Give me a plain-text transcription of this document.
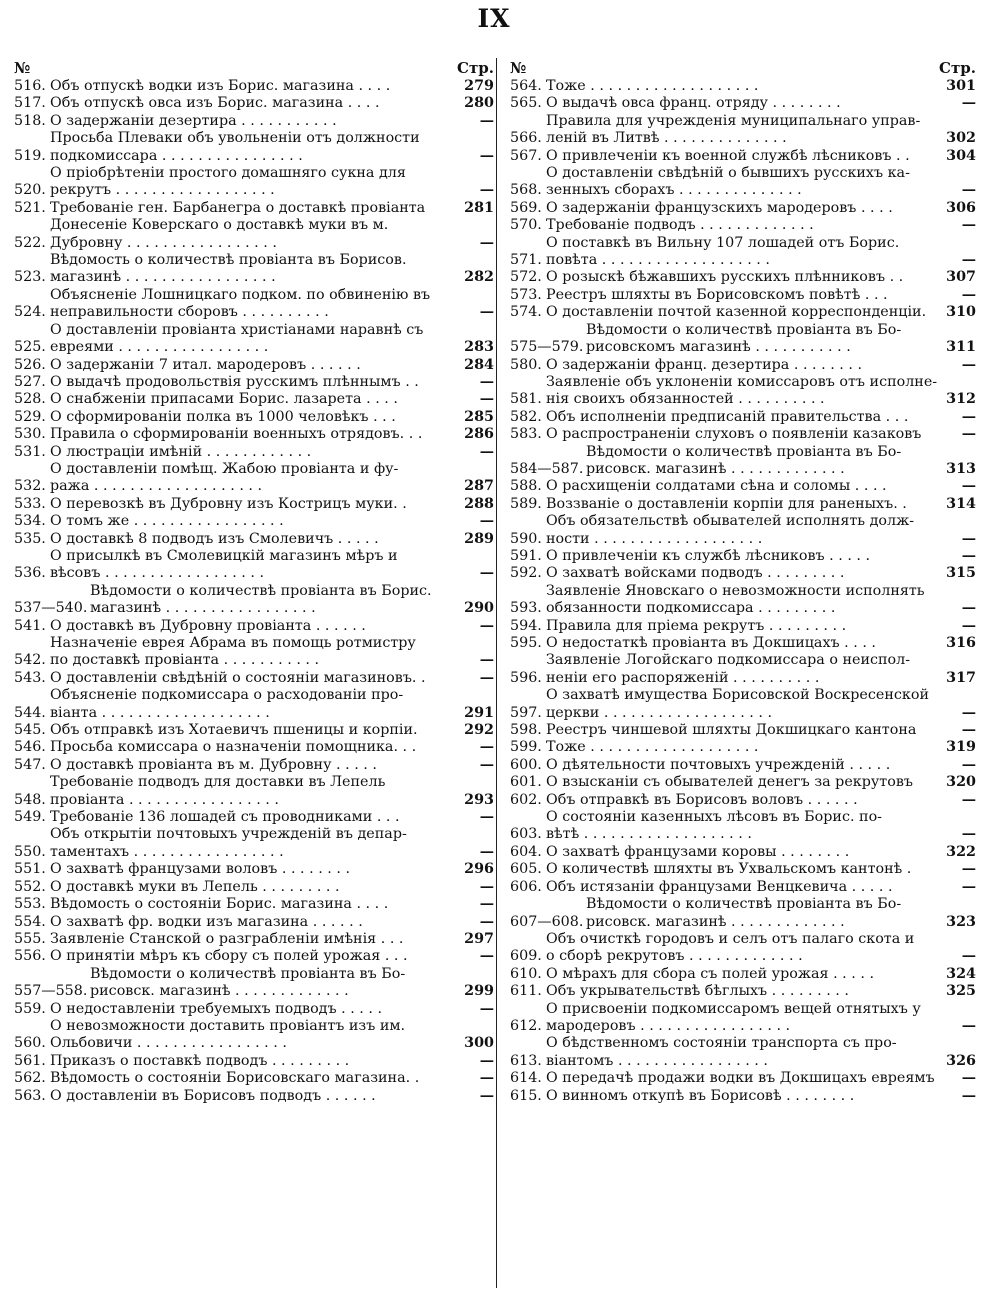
IX
№	Стр.
516. Объ отпускѣ водки изъ Борис. магазина . . . .	279
517. Объ отпускѣ овса изъ Борис. магазина . . . .	280
518. О задержаніи дезертира . . . . . . . . . . .	—
519.
Просьба Плеваки объ увольненіи отъ должности
подкомиссара . . . . . . . . . . . . . . . .	—
520.
О пріобрѣтеніи простого домашняго сукна для
рекрутъ . . . . . . . . . . . . . . . . . .	—
521. Требованіе ген. Барбанегра о доставкѣ провіанта	281
522.
Донесеніе Коверскаго о доставкѣ муки въ м.
Дубровну . . . . . . . . . . . . . . . . .	—
523.
Вѣдомость о количествѣ провіанта въ Борисов.
магазинѣ . . . . . . . . . . . . . . . . .	282
524.
Объясненіе Лошницкаго подком. по обвиненію въ
неправильности сборовъ . . . . . . . . . .	—
525.
О доставленіи провіанта христіанами наравнѣ съ
евреями . . . . . . . . . . . . . . . . .	283
526. О задержаніи 7 итал. мародеровъ . . . . . .	284
527. О выдачѣ продовольствія русскимъ плѣннымъ . .	—
528. О снабженіи припасами Борис. лазарета . . . .	—
529. О сформированіи полка въ 1000 человѣкъ . . .	285
530. Правила о сформированіи военныхъ отрядовъ. . .	286
531. О люстраціи имѣній . . . . . . . . . . . .	—
532.
О доставленіи помѣщ. Жабою провіанта и фу-
ража . . . . . . . . . . . . . . . . . . .	287
533. О перевозкѣ въ Дубровну изъ Кострицъ муки. .	288
534. О томъ же . . . . . . . . . . . . . . . . .	—
535. О доставкѣ 8 подводъ изъ Смолевичъ . . . . .	289
536.
О присылкѣ въ Смолевицкій магазинъ мѣръ и
вѣсовъ . . . . . . . . . . . . . . . . . .	—
537—540.
Вѣдомости о количествѣ провіанта въ Борис.
магазинѣ . . . . . . . . . . . . . . . . .	290
541. О доставкѣ въ Дубровну провіанта . . . . . .	—
542.
Назначеніе еврея Абрама въ помощь ротмистру
по доставкѣ провіанта . . . . . . . . . . .	—
543. О доставленіи свѣдѣній о состояніи магазиновъ. .	—
544.
Объясненіе подкомиссара о расходованіи про-
віанта . . . . . . . . . . . . . . . . . . .	291
545. Объ отправкѣ изъ Хотаевичъ пшеницы и корпіи.	292
546. Просьба комиссара о назначеніи помощника. . .	—
547. О доставкѣ провіанта въ м. Дубровну . . . . .	—
548.
Требованіе подводъ для доставки въ Лепель
провіанта . . . . . . . . . . . . . . . . .	293
549. Требованіе 136 лошадей съ проводниками . . .	—
550.
Объ открытіи почтовыхъ учрежденій въ депар-
таментахъ . . . . . . . . . . . . . . . . .	—
551. О захватѣ французами воловъ . . . . . . . .	296
552. О доставкѣ муки въ Лепель . . . . . . . . .	—
553. Вѣдомость о состояніи Борис. магазина . . . .	—
554. О захватѣ фр. водки изъ магазина . . . . . .	—
555. Заявленіе Станской о разграбленіи имѣнія . . .	297
556. О принятіи мѣръ къ сбору съ полей урожая . . .	—
557—558.
Вѣдомости о количествѣ провіанта въ Бо-
рисовск. магазинѣ . . . . . . . . . . . . .	299
559. О недоставленіи требуемыхъ подводъ . . . . .	—
560.
О невозможности доставить провіантъ изъ им.
Ольбовичи . . . . . . . . . . . . . . . . .	300
561. Приказъ о поставкѣ подводъ . . . . . . . . .	—
562. Вѣдомость о состояніи Борисовскаго магазина. .	—
563. О доставленіи въ Борисовъ подводъ . . . . . .	—
№	Стр.
564. Тоже . . . . . . . . . . . . . . . . . . .	301
565. О выдачѣ овса франц. отряду . . . . . . . .	—
566.
Правила для учрежденія муниципальнаго управ-
леній въ Литвѣ . . . . . . . . . . . . . .	302
567. О привлеченіи къ военной службѣ лѣсниковъ . .	304
568.
О доставленіи свѣдѣній о бывшихъ русскихъ ка-
зенныхъ сборахъ . . . . . . . . . . . . . .	—
569. О задержаніи французскихъ мародеровъ . . . .	306
570. Требованіе подводъ . . . . . . . . . . . . .	—
571.
О поставкѣ въ Вильну 107 лошадей отъ Борис.
повѣта . . . . . . . . . . . . . . . . . . .	—
572. О розыскѣ бѣжавшихъ русскихъ плѣнниковъ . .	307
573. Реестръ шляхты въ Борисовскомъ повѣтѣ . . .	—
574. О доставленіи почтой казенной корреспонденціи.	310
575—579.
Вѣдомости о количествѣ провіанта въ Бо-
рисовскомъ магазинѣ . . . . . . . . . . .	311
580. О задержаніи франц. дезертира . . . . . . . .	—
581.
Заявленіе объ уклоненіи комиссаровъ отъ исполне-
нія своихъ обязанностей . . . . . . . . . .	312
582. Объ исполненіи предписаній правительства . . .	—
583. О распространеніи слуховъ о появленіи казаковъ	—
584—587.
Вѣдомости о количествѣ провіанта въ Бо-
рисовск. магазинѣ . . . . . . . . . . . . .	313
588. О расхищеніи солдатами сѣна и соломы . . . .	—
589. Воззваніе о доставленіи корпіи для раненыхъ. .	314
590.
Объ обязательствѣ обывателей исполнять долж-
ности . . . . . . . . . . . . . . . . . . .	—
591. О привлеченіи къ службѣ лѣсниковъ . . . . .	—
592. О захватѣ войсками подводъ . . . . . . . . .	315
593.
Заявленіе Яновскаго о невозможности исполнять
обязанности подкомиссара . . . . . . . . .	—
594. Правила для пріема рекрутъ . . . . . . . . .	—
595. О недостаткѣ провіанта въ Докшицахъ . . . .	316
596.
Заявленіе Логойскаго подкомиссара о неиспол-
неніи его распоряженій . . . . . . . . . .	317
597.
О захватѣ имущества Борисовской Воскресенской
церкви . . . . . . . . . . . . . . . . . . .	—
598. Реестръ чиншевой шляхты Докшицкаго кантона	—
599. Тоже . . . . . . . . . . . . . . . . . . .	319
600. О дѣятельности почтовыхъ учрежденій . . . . .	—
601. О взысканіи съ обывателей денегъ за рекрутовъ	320
602. Объ отправкѣ въ Борисовъ воловъ . . . . . .	—
603.
О состояніи казенныхъ лѣсовъ въ Борис. по-
вѣтѣ . . . . . . . . . . . . . . . . . . .	—
604. О захватѣ французами коровы . . . . . . . .	322
605. О количествѣ шляхты въ Ухвальскомъ кантонѣ .	—
606. Объ истязаніи французами Венцкевича . . . . .	—
607—608.
Вѣдомости о количествѣ провіанта въ Бо-
рисовск. магазинѣ . . . . . . . . . . . . .	323
609.
Объ очисткѣ городовъ и селъ отъ палаго скота и
о сборѣ рекрутовъ . . . . . . . . . . . . .	—
610. О мѣрахъ для сбора съ полей урожая . . . . .	324
611. Объ укрывательствѣ бѣглыхъ . . . . . . . . .	325
612.
О присвоеніи подкомиссаромъ вещей отнятыхъ у
мародеровъ . . . . . . . . . . . . . . . . .	—
613.
О бѣдственномъ состояніи транспорта съ про-
віантомъ . . . . . . . . . . . . . . . . .	326
614. О передачѣ продажи водки въ Докшицахъ евреямъ	—
615. О винномъ откупѣ въ Борисовѣ . . . . . . . .	—
